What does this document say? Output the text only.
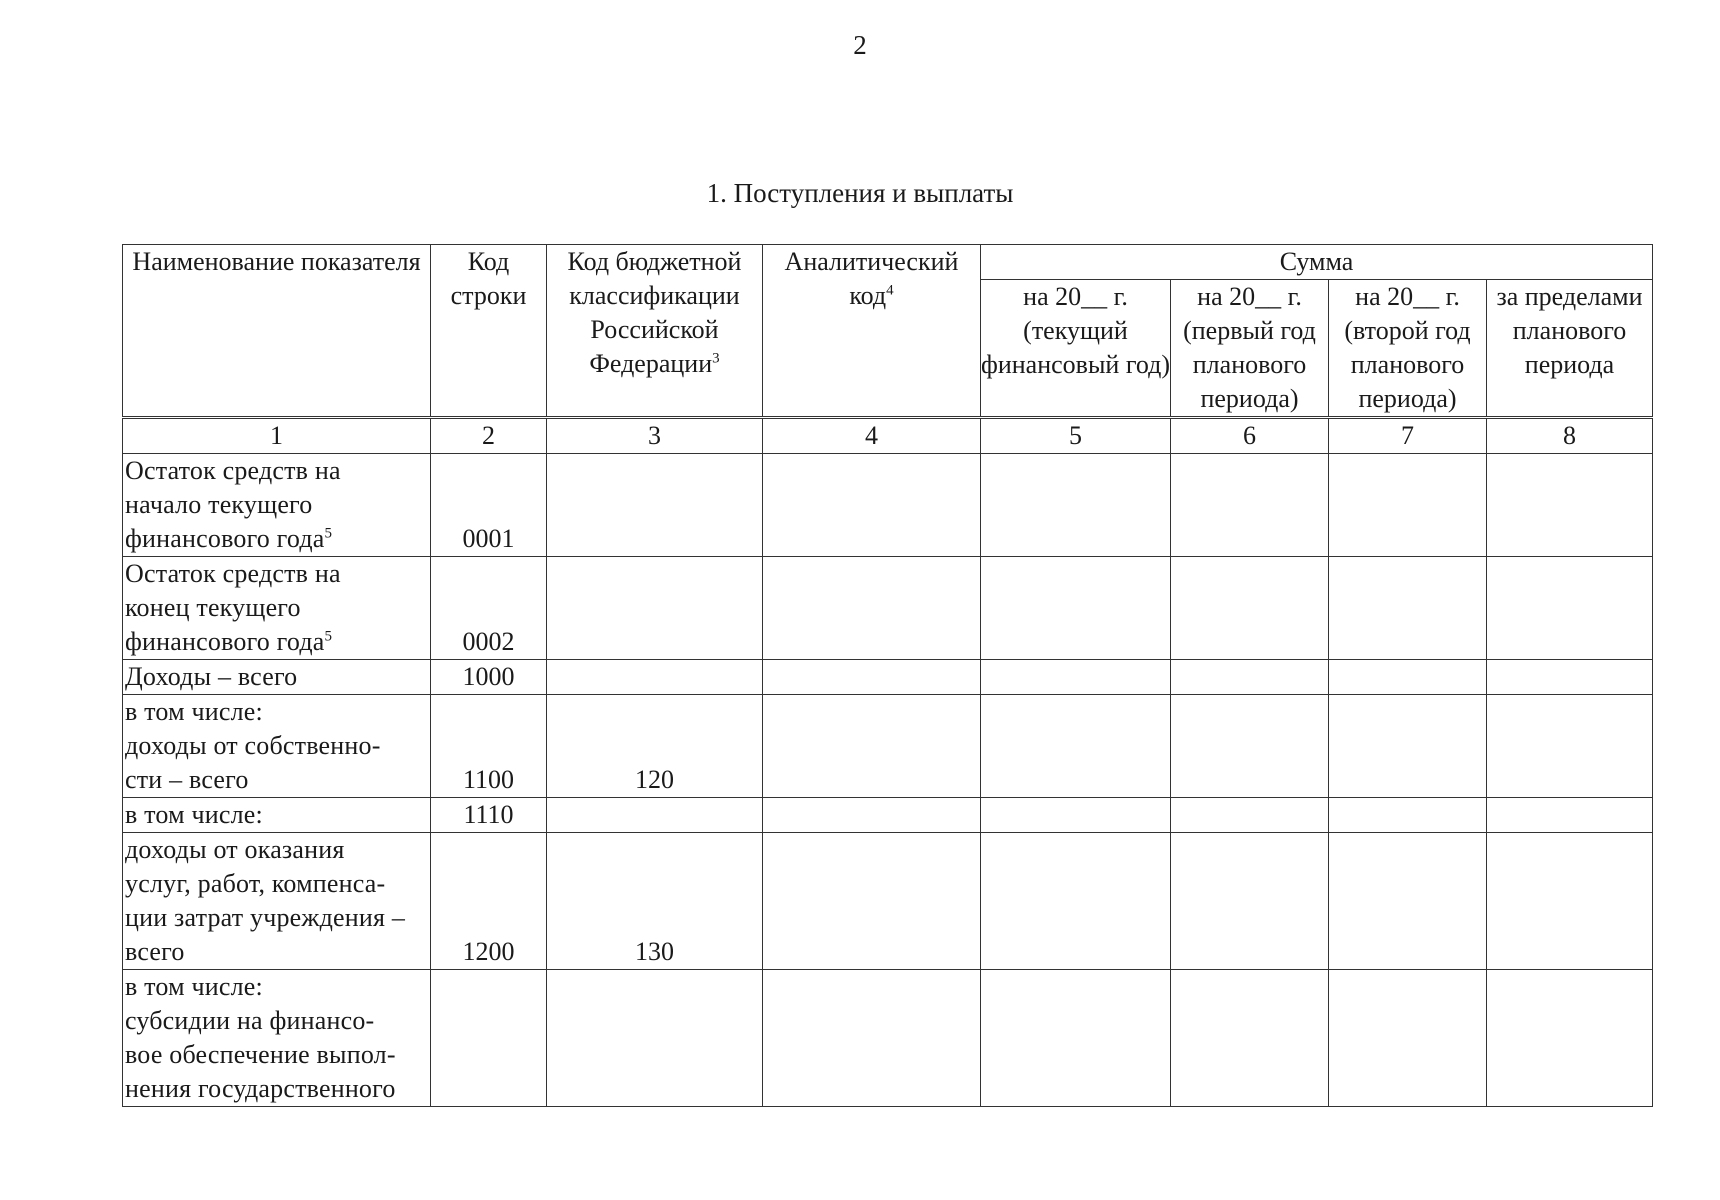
2
1. Поступления и выплаты
Наименование показателя	Код строки	Код бюджетной классификации Российской Федерации$^3$	Аналитический код$^4$	Сумма			
				на 20__ г. (текущий финансовый год)	на 20__ г. (первый год планового периода)	на 20__ г. (второй год планового периода)	за пределами планового периода
1	2	3	4	5	6	7	8
Остаток средств на
начало текущего
финансового года$^5$	0001						
Остаток средств на
конец текущего
финансового года$^5$	0002						
Доходы – всего	1000						
в том числе:
доходы от собственно-
сти – всего	1100	120					
в том числе:	1110						
доходы от оказания
услуг, работ, компенса-
ции затрат учреждения –
всего	1200	130					
в том числе:
субсидии на финансо-
вое обеспечение выпол-
нения государственного							
